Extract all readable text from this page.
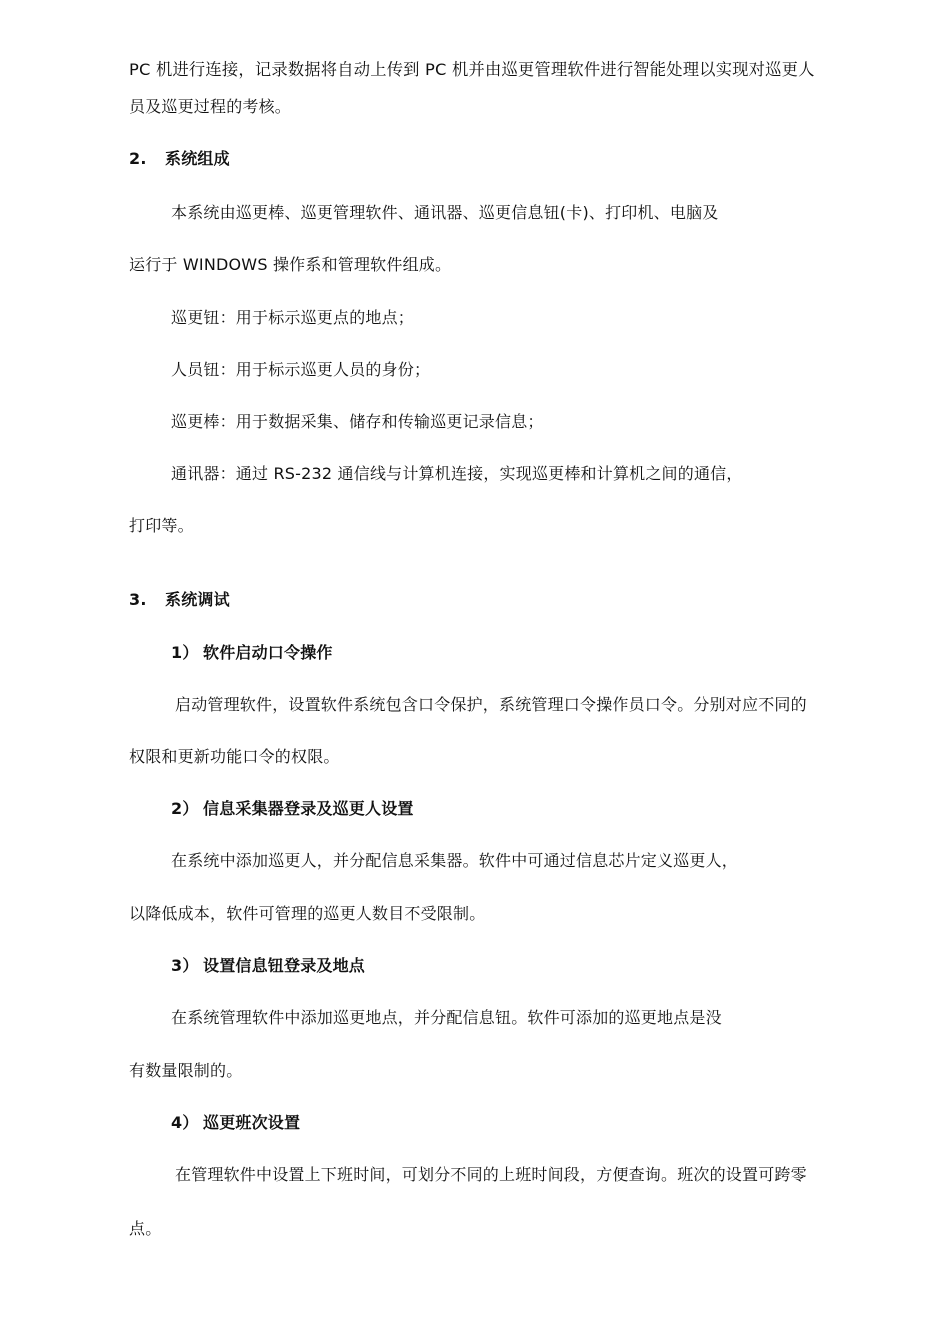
PC 机进行连接，记录数据将自动上传到 PC 机并由巡更管理软件进行智能处理以实现对巡更人
员及巡更过程的考核。
2. 系统组成
本系统由巡更棒、巡更管理软件、通讯器、巡更信息钮(卡)、打印机、电脑及
运行于 WINDOWS 操作系和管理软件组成。
巡更钮：用于标示巡更点的地点；
人员钮：用于标示巡更人员的身份；
巡更棒：用于数据采集、储存和传输巡更记录信息；
通讯器：通过 RS-232 通信线与计算机连接，实现巡更棒和计算机之间的通信，
打印等。
3. 系统调试
1） 软件启动口令操作
启动管理软件，设置软件系统包含口令保护，系统管理口令操作员口令。分别对应不同的
权限和更新功能口令的权限。
2） 信息采集器登录及巡更人设置
在系统中添加巡更人，并分配信息采集器。软件中可通过信息芯片定义巡更人，
以降低成本，软件可管理的巡更人数目不受限制。
3） 设置信息钮登录及地点
在系统管理软件中添加巡更地点，并分配信息钮。软件可添加的巡更地点是没
有数量限制的。
4） 巡更班次设置
在管理软件中设置上下班时间，可划分不同的上班时间段，方便查询。班次的设置可跨零
点。
